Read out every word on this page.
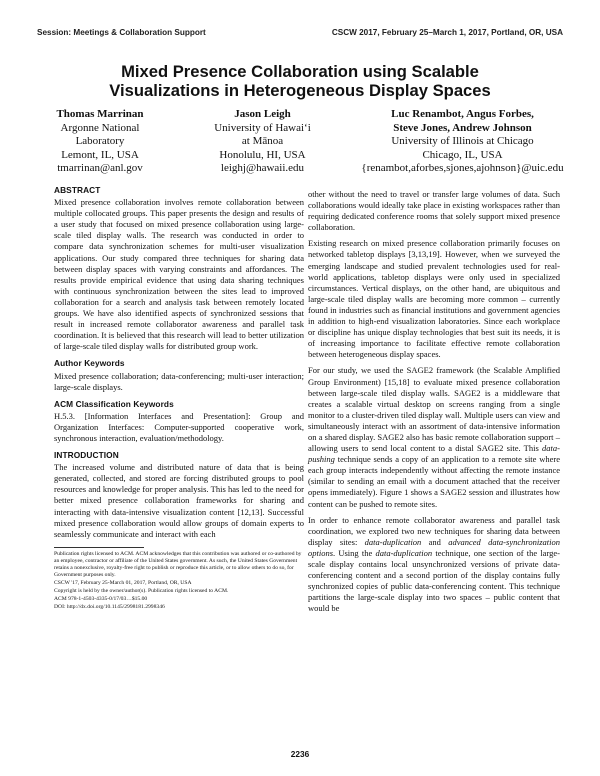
Session: Meetings & Collaboration Support	CSCW 2017, February 25–March 1, 2017, Portland, OR, USA
Mixed Presence Collaboration using Scalable
Visualizations in Heterogeneous Display Spaces
Thomas Marrinan
Argonne National
Laboratory
Lemont, IL, USA
tmarrinan@anl.gov
Jason Leigh
University of Hawaiʻi
at Mānoa
Honolulu, HI, USA
leighj@hawaii.edu
Luc Renambot, Angus Forbes,
Steve Jones, Andrew Johnson
University of Illinois at Chicago
Chicago, IL, USA
{renambot,aforbes,sjones,ajohnson}@uic.edu
ABSTRACT

Mixed presence collaboration involves remote collaboration between multiple collocated groups. This paper presents the design and results of a user study that focused on mixed presence collaboration using large-scale tiled display walls. The research was conducted in order to compare data synchronization schemes for multi-user visualization applications. Our study compared three techniques for sharing data between display spaces with varying constraints and affordances. The results provide empirical evidence that using data sharing techniques with continuous synchronization between the sites lead to improved collaboration for a search and analysis task between remotely located groups. We have also identified aspects of synchronized sessions that result in increased remote collaborator awareness and parallel task coordination. It is believed that this research will lead to better utilization of large-scale tiled display walls for distributed group work.

Author Keywords

Mixed presence collaboration; data-conferencing; multi-user interaction; large-scale displays.

ACM Classification Keywords

H.5.3. [Information Interfaces and Presentation]: Group and Organization Interfaces: Computer-supported cooperative work, synchronous interaction, evaluation/methodology.

INTRODUCTION

The increased volume and distributed nature of data that is being generated, collected, and stored are forcing distributed groups to pool resources and knowledge for proper analysis. This has led to the need for better mixed presence collaboration frameworks for sharing and interacting with data-intensive visualization content [12,13]. Successful mixed presence collaboration would allow groups of domain experts to seamlessly communicate and interact with each

Publication rights licensed to ACM. ACM acknowledges that this contribution was authored or co-authored by an employee, contractor or affiliate of the United States government. As such, the United States Government retains a nonexclusive, royalty-free right to publish or reproduce this article, or to allow others to do so, for Government purposes only.

CSCW '17, February 25-March 01, 2017, Portland, OR, USA

Copyright is held by the owner/author(s). Publication rights licensed to ACM.

ACM 978-1-4503-4335-0/17/03…$15.00

DOI: http://dx.doi.org/10.1145/2998181.2998346

other without the need to travel or transfer large volumes of data. Such collaborations would ideally take place in existing workspaces rather than requiring dedicated conference rooms that solely support mixed presence collaboration.

Existing research on mixed presence collaboration primarily focuses on networked tabletop displays [3,13,19]. However, when we surveyed the emerging landscape and studied prevalent technologies used for real-world applications, tabletop displays were only used in specialized circumstances. Vertical displays, on the other hand, are ubiquitous and large-scale tiled display walls are becoming more common – currently found in industries such as financial institutions and government agencies in addition to high-end visualization laboratories. Since each workplace or discipline has unique display technologies that best suit its needs, it is of increasing importance to facilitate effective remote collaboration between heterogeneous display spaces.

For our study, we used the SAGE2 framework (the Scalable Amplified Group Environment) [15,18] to evaluate mixed presence collaboration between large-scale tiled display walls. SAGE2 is a middleware that creates a scalable virtual desktop on screens ranging from a single monitor to a cluster-driven tiled display wall. Multiple users can view and simultaneously interact with an assortment of data-intensive information on a shared display. SAGE2 also has basic remote collaboration support – allowing users to send local content to a distal SAGE2 site. This data-pushing technique sends a copy of an application to a remote site where each group interacts independently without affecting the remote instance (similar to sending an email with a document attached that the receiver opens immediately). Figure 1 shows a SAGE2 session and illustrates how content can be pushed to remote sites.

In order to enhance remote collaborator awareness and parallel task coordination, we explored two new techniques for sharing data between display sites: data-duplication and advanced data-synchronization options. Using the data-duplication technique, one section of the large-scale display contains local unsynchronized versions of private data-conferencing content and a second portion of the display contains fully synchronized copies of public data-conferencing content. This technique partitions the large-scale display into two spaces – public content that would be

2236
